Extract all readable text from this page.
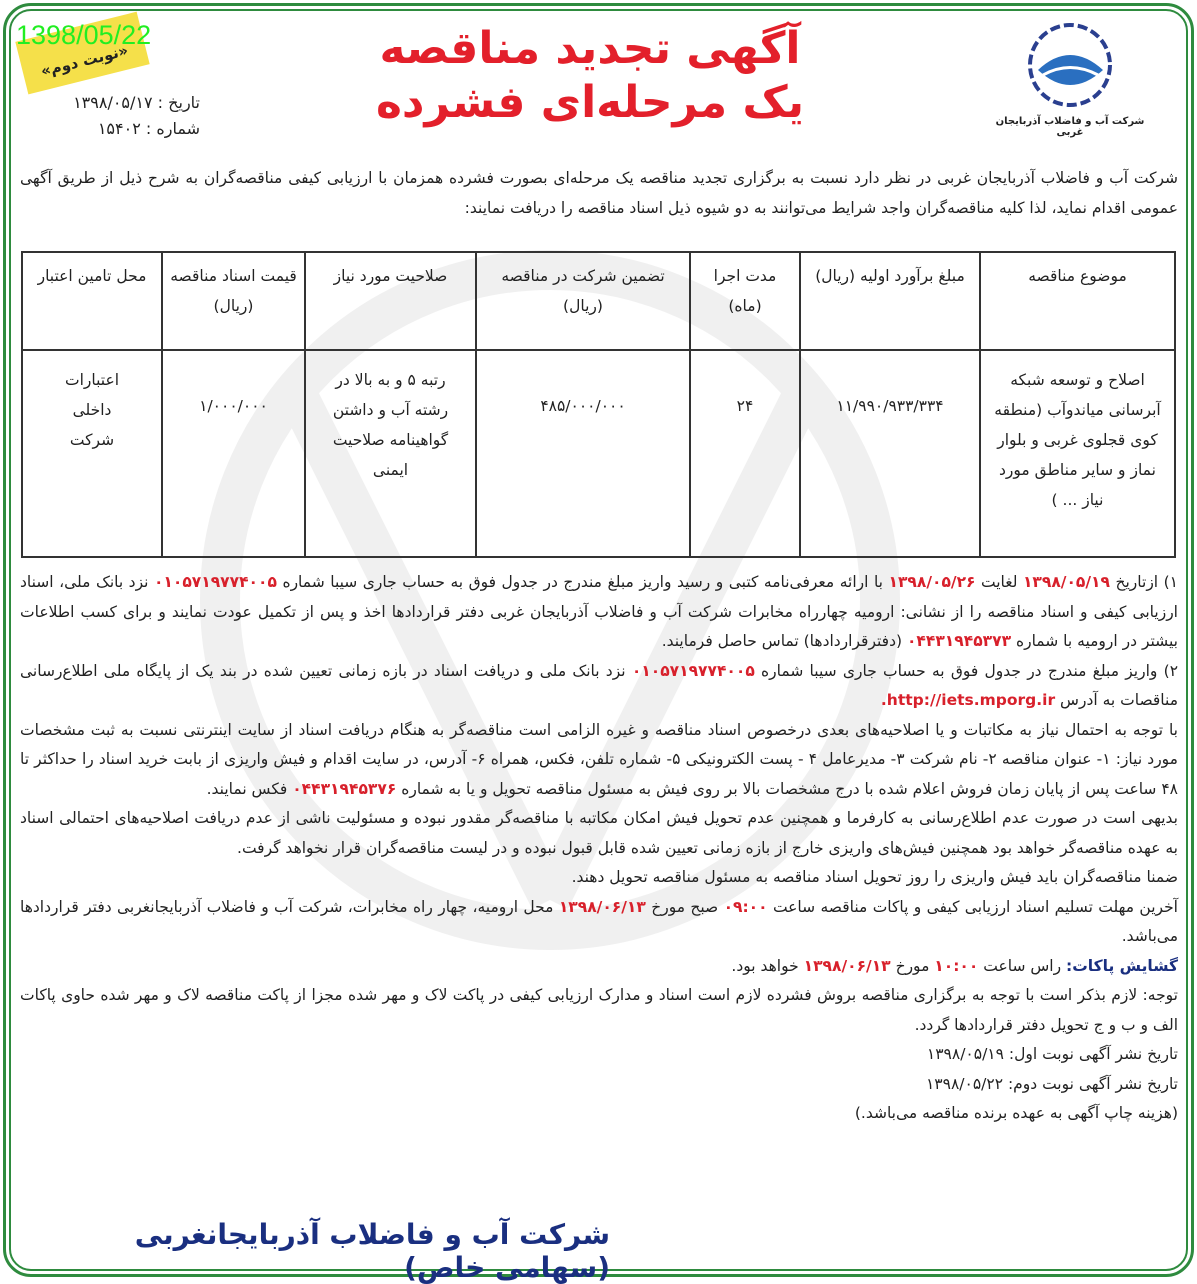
1398/05/22
«نوبت دوم»
تاریخ : ۱۳۹۸/۰۵/۱۷
شماره : ۱۵۴۰۲
آگهی تجدید مناقصه
یک مرحله‌ای فشرده	شرکت آب و فاضلاب آذربایجان غربی
شرکت آب و فاضلاب آذربایجان غربی در نظر دارد نسبت به برگزاری تجدید مناقصه یک مرحله‌ای بصورت فشرده همزمان با ارزیابی کیفی مناقصه‌گران به شرح ذیل از طریق آگهی عمومی اقدام نماید، لذا کلیه مناقصه‌گران واجد شرایط می‌توانند به دو شیوه ذیل اسناد مناقصه را دریافت نمایند:
موضوع مناقصه	مبلغ برآورد اولیه (ریال)	مدت اجرا (ماه)	تضمین شرکت در مناقصه (ریال)	صلاحیت مورد نیاز	قیمت اسناد مناقصه (ریال)	محل تامین اعتبار
اصلاح و توسعه شبکه آبرسانی میاندوآب (منطقه کوی قجلوی غربی و بلوار نماز و سایر مناطق مورد نیاز ... )	۱۱/۹۹۰/۹۳۳/۳۳۴	۲۴	۴۸۵/۰۰۰/۰۰۰	رتبه ۵ و به بالا در رشته آب و داشتن گواهینامه صلاحیت ایمنی	۱/۰۰۰/۰۰۰	اعتبارات داخلی شرکت

۱) ازتاریخ ۱۳۹۸/۰۵/۱۹ لغایت ۱۳۹۸/۰۵/۲۶ با ارائه معرفی‌نامه کتبی و رسید واریز مبلغ مندرج در جدول فوق به حساب جاری سیبا شماره ۰۱۰۵۷۱۹۷۷۴۰۰۵ نزد بانک ملی، اسناد ارزیابی کیفی و اسناد مناقصه را از نشانی: ارومیه چهارراه مخابرات شرکت آب و فاضلاب آذربایجان غربی دفتر قراردادها اخذ و پس از تکمیل عودت نمایند و برای کسب اطلاعات بیشتر در ارومیه با شماره ۰۴۴۳۱۹۴۵۳۷۳ (دفترقراردادها) تماس حاصل فرمایند.

۲) واریز مبلغ مندرج در جدول فوق به حساب جاری سیبا شماره ۰۱۰۵۷۱۹۷۷۴۰۰۵ نزد بانک ملی و دریافت اسناد در بازه زمانی تعیین شده در بند یک از پایگاه ملی اطلاع‌رسانی مناقصات به آدرس http://iets.mporg.ir.

با توجه به احتمال نیاز به مکاتبات و یا اصلاحیه‌های بعدی درخصوص اسناد مناقصه و غیره الزامی است مناقصه‌گر به هنگام دریافت اسناد از سایت اینترنتی نسبت به ثبت مشخصات مورد نیاز: ۱- عنوان مناقصه ۲- نام شرکت ۳- مدیرعامل ۴ - پست الکترونیکی ۵- شماره تلفن، فکس، همراه ۶- آدرس، در سایت اقدام و فیش واریزی از بابت خرید اسناد را حداکثر تا ۴۸ ساعت پس از پایان زمان فروش اعلام شده با درج مشخصات بالا بر روی فیش به مسئول مناقصه تحویل و یا به شماره ۰۴۴۳۱۹۴۵۳۷۶ فکس نمایند.

بدیهی است در صورت عدم اطلاع‌رسانی به کارفرما و همچنین عدم تحویل فیش امکان مکاتبه با مناقصه‌گر مقدور نبوده و مسئولیت ناشی از عدم دریافت اصلاحیه‌های احتمالی اسناد به عهده مناقصه‌گر خواهد بود همچنین فیش‌های واریزی خارج از بازه زمانی تعیین شده قابل قبول نبوده و در لیست مناقصه‌گران قرار نخواهد گرفت.

ضمنا مناقصه‌گران باید فیش واریزی را روز تحویل اسناد مناقصه به مسئول مناقصه تحویل دهند.

آخرین مهلت تسلیم اسناد ارزیابی کیفی و پاکات مناقصه ساعت ۰۹:۰۰ صبح مورخ ۱۳۹۸/۰۶/۱۳ محل ارومیه، چهار راه مخابرات، شرکت آب و فاضلاب آذربایجانغربی دفتر قراردادها می‌باشد.

گشایش پاکات: راس ساعت ۱۰:۰۰ مورخ ۱۳۹۸/۰۶/۱۳ خواهد بود.

توجه: لازم بذکر است با توجه به برگزاری مناقصه بروش فشرده لازم است اسناد و مدارک ارزیابی کیفی در پاکت لاک و مهر شده مجزا از پاکت مناقصه لاک و مهر شده حاوی پاکات الف و ب و ج تحویل دفتر قراردادها گردد.

تاریخ نشر آگهی نوبت اول: ۱۳۹۸/۰۵/۱۹

تاریخ نشر آگهی نوبت دوم: ۱۳۹۸/۰۵/۲۲

(هزینه چاپ آگهی به عهده برنده مناقصه می‌باشد.)

شرکت آب و فاضلاب آذربایجانغربی (سهامی خاص)
